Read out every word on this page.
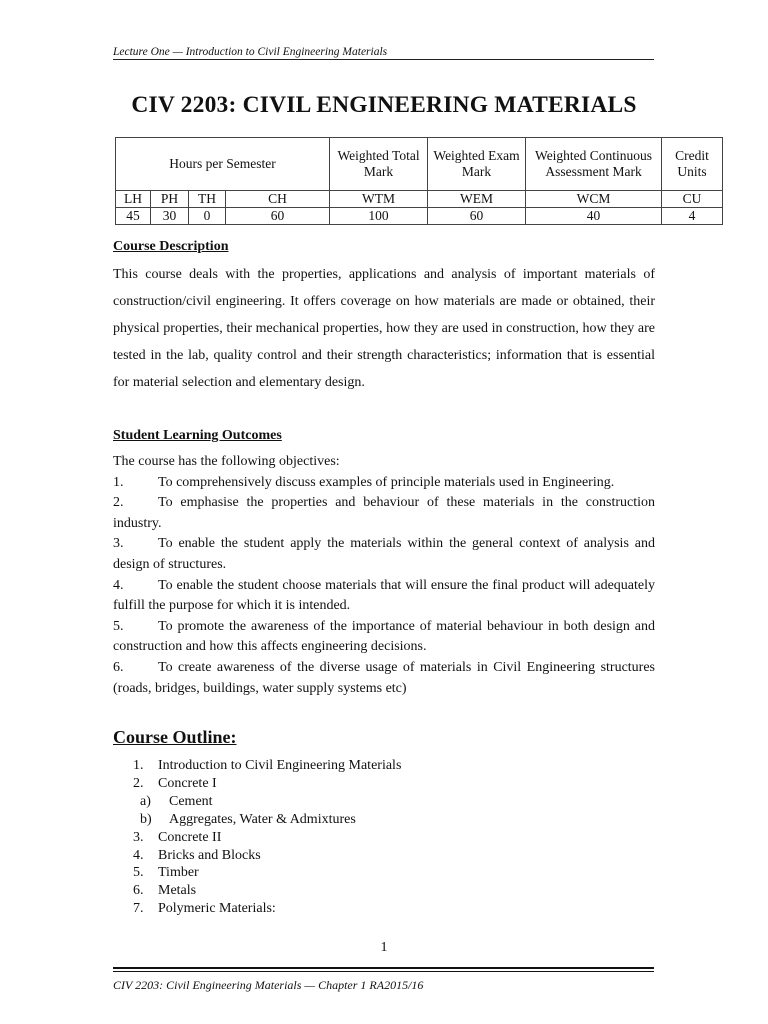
Lecture One — Introduction to Civil Engineering Materials
CIV 2203: CIVIL ENGINEERING MATERIALS
Hours per Semester				Weighted Total Mark	Weighted Exam Mark	Weighted Continuous Assessment Mark	Credit Units
LH	PH	TH	CH	WTM	WEM	WCM	CU
45	30	0	60	100	60	40	4
Course Description
This course deals with the properties, applications and analysis of important materials of construction/civil engineering. It offers coverage on how materials are made or obtained, their physical properties, their mechanical properties, how they are used in construction, how they are tested in the lab, quality control and their strength characteristics; information that is essential for material selection and elementary design.
Student Learning Outcomes
The course has the following objectives:
1. To comprehensively discuss examples of principle materials used in Engineering.
2. To emphasise the properties and behaviour of these materials in the construction industry.
3. To enable the student apply the materials within the general context of analysis and design of structures.
4. To enable the student choose materials that will ensure the final product will adequately fulfill the purpose for which it is intended.
5. To promote the awareness of the importance of material behaviour in both design and construction and how this affects engineering decisions.
6. To create awareness of the diverse usage of materials in Civil Engineering structures (roads, bridges, buildings, water supply systems etc)
Course Outline:
1. Introduction to Civil Engineering Materials
2. Concrete I
a) Cement
b) Aggregates, Water & Admixtures
3. Concrete II
4. Bricks and Blocks
5. Timber
6. Metals
7. Polymeric Materials:
1
CIV 2203: Civil Engineering Materials — Chapter 1 RA2015/16
